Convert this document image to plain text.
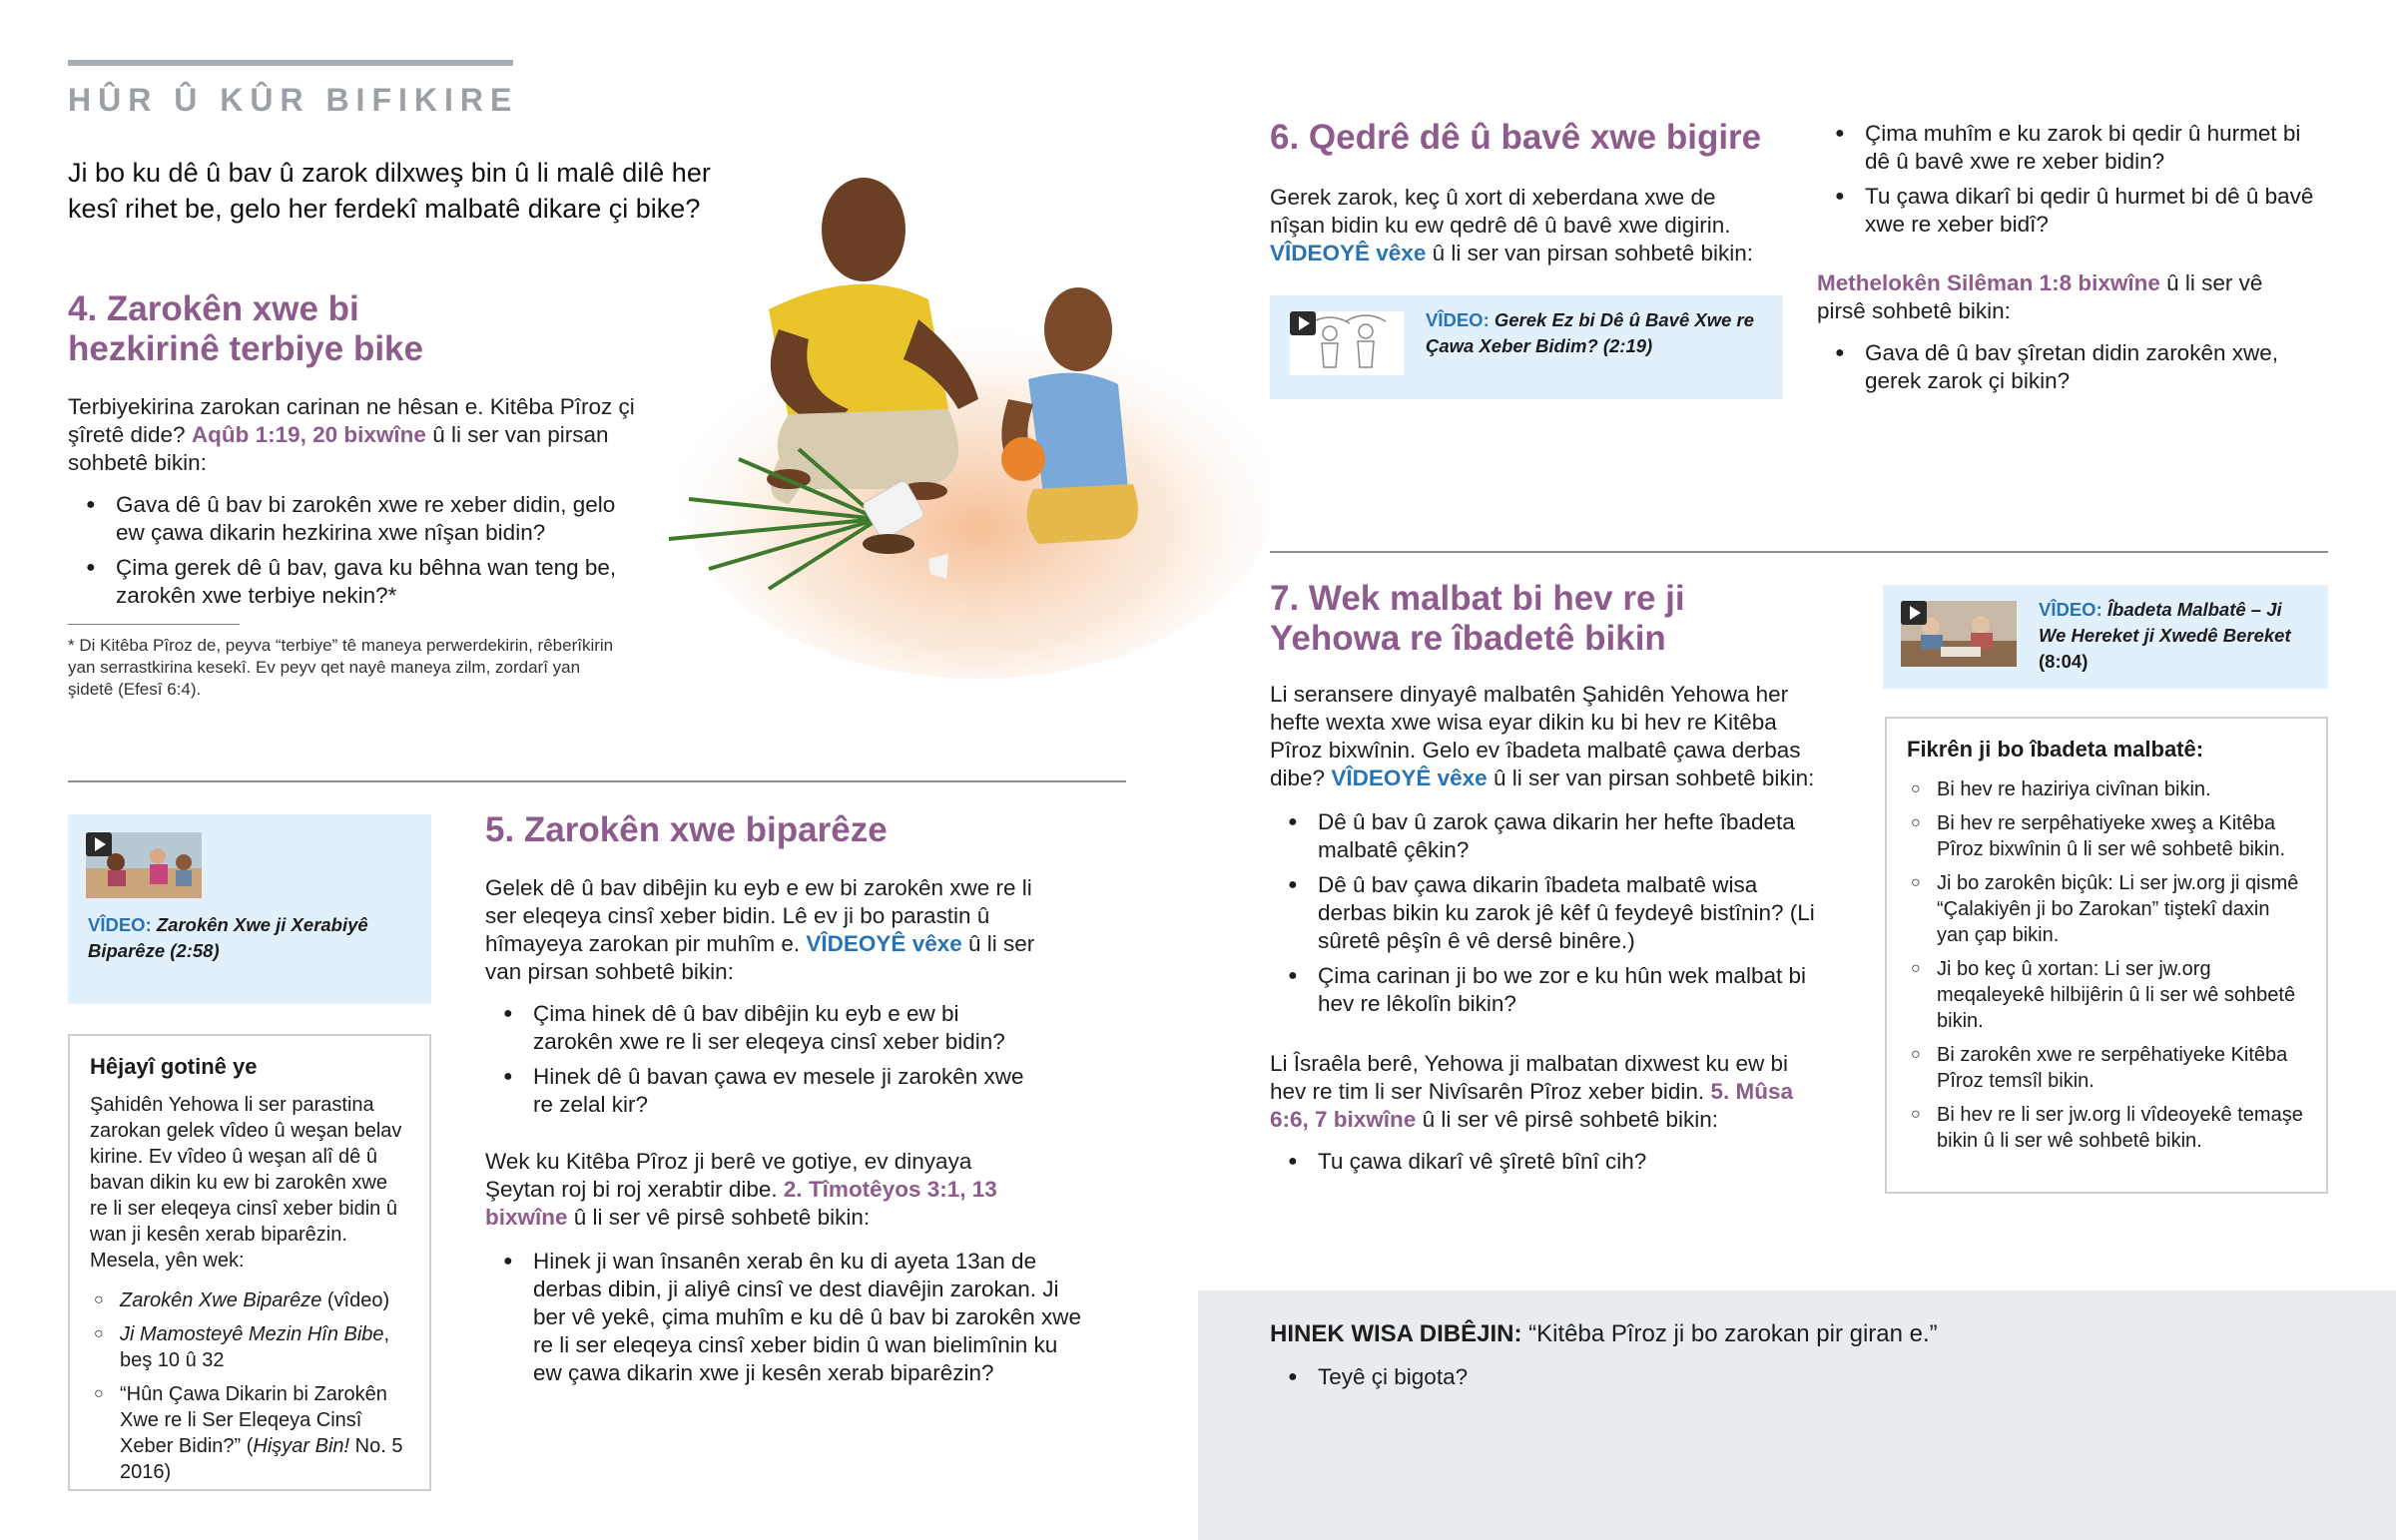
HÛR Û KÛR BIFIKIRE
Ji bo ku dê û bav û zarok dilxweş bin û li malê dilê her kesî rihet be, gelo her ferdekî malbatê dikare çi bike?
4. Zarokên xwe bi hezkirinê terbiye bike
Terbiyekirina zarokan carinan ne hêsan e. Kitêba Pîroz çi şîretê dide? Aqûb 1:19, 20 bixwîne û li ser van pirsan sohbetê bikin:
● Gava dê û bav bi zarokên xwe re xeber didin, gelo ew çawa dikarin hezkirina xwe nîşan bidin?
● Çima gerek dê û bav, gava ku bêhna wan teng be, zarokên xwe terbiye nekin?*
* Di Kitêba Pîroz de, peyva “terbiye” tê maneya perwerdekirin, rêberîkirin yan serrastkirina kesekî. Ev peyv qet nayê maneya zilm, zordarî yan şidetê (Efesî 6:4).
VÎDEO: Zarokên Xwe ji Xerabiyê Biparêze (2:58)
Hêjayî gotinê ye
Şahidên Yehowa li ser parastina zarokan gelek vîdeo û weşan belav kirine. Ev vîdeo û weşan alî dê û bavan dikin ku ew bi zarokên xwe re li ser eleqeya cinsî xeber bidin û wan ji kesên xerab biparêzin. Mesela, yên wek:
○ Zarokên Xwe Biparêze (vîdeo)
○ Ji Mamosteyê Mezin Hîn Bibe, beş 10 û 32
○ “Hûn Çawa Dikarin bi Zarokên Xwe re li Ser Eleqeya Cinsî Xeber Bidin?” (Hişyar Bin! No. 5 2016)
5. Zarokên xwe biparêze
Gelek dê û bav dibêjin ku eyb e ew bi zarokên xwe re li ser eleqeya cinsî xeber bidin. Lê ev ji bo parastin û hîmayeya zarokan pir muhîm e. VÎDEOYÊ vêxe û li ser van pirsan sohbetê bikin:
● Çima hinek dê û bav dibêjin ku eyb e ew bi zarokên xwe re li ser eleqeya cinsî xeber bidin?
● Hinek dê û bavan çawa ev mesele ji zarokên xwe re zelal kir?
Wek ku Kitêba Pîroz ji berê ve gotiye, ev dinyaya Şeytan roj bi roj xerabtir dibe. 2. Tîmotêyos 3:1, 13 bixwîne û li ser vê pirsê sohbetê bikin:
● Hinek ji wan însanên xerab ên ku di ayeta 13an de derbas dibin, ji aliyê cinsî ve dest diavêjin zarokan. Ji ber vê yekê, çima muhîm e ku dê û bav bi zarokên xwe re li ser eleqeya cinsî xeber bidin û wan bielimînin ku ew çawa dikarin xwe ji kesên xerab biparêzin?
6. Qedrê dê û bavê xwe bigire
Gerek zarok, keç û xort di xeberdana xwe de nîşan bidin ku ew qedrê dê û bavê xwe digirin. VÎDEOYÊ vêxe û li ser van pirsan sohbetê bikin:
VÎDEO: Gerek Ez bi Dê û Bavê Xwe re Çawa Xeber Bidim? (2:19)
● Çima muhîm e ku zarok bi qedir û hurmet bi dê û bavê xwe re xeber bidin?
● Tu çawa dikarî bi qedir û hurmet bi dê û bavê xwe re xeber bidî?
Methelokên Silêman 1:8 bixwîne û li ser vê pirsê sohbetê bikin:
● Gava dê û bav şîretan didin zarokên xwe, gerek zarok çi bikin?
7. Wek malbat bi hev re ji Yehowa re îbadetê bikin
VÎDEO: Îbadeta Malbatê – Ji We Hereket ji Xwedê Bereket (8:04)
Li seransere dinyayê malbatên Şahidên Yehowa her hefte wexta xwe wisa eyar dikin ku bi hev re Kitêba Pîroz bixwînin. Gelo ev îbadeta malbatê çawa derbas dibe? VÎDEOYÊ vêxe û li ser van pirsan sohbetê bikin:
● Dê û bav û zarok çawa dikarin her hefte îbadeta malbatê çêkin?
● Dê û bav çawa dikarin îbadeta malbatê wisa derbas bikin ku zarok jê kêf û feydeyê bistînin? (Li sûretê pêşîn ê vê dersê binêre.)
● Çima carinan ji bo we zor e ku hûn wek malbat bi hev re lêkolîn bikin?
Li Îsraêla berê, Yehowa ji malbatan dixwest ku ew bi hev re tim li ser Nivîsarên Pîroz xeber bidin. 5. Mûsa 6:6, 7 bixwîne û li ser vê pirsê sohbetê bikin:
● Tu çawa dikarî vê şîretê bînî cih?
Fikrên ji bo îbadeta malbatê:
○ Bi hev re haziriya civînan bikin.
○ Bi hev re serpêhatiyeke xweş a Kitêba Pîroz bixwînin û li ser wê sohbetê bikin.
○ Ji bo zarokên biçûk: Li ser jw.org ji qismê “Çalakiyên ji bo Zarokan” tiştekî daxin yan çap bikin.
○ Ji bo keç û xortan: Li ser jw.org meqaleyekê hilbijêrin û li ser wê sohbetê bikin.
○ Bi zarokên xwe re serpêhatiyeke Kitêba Pîroz temsîl bikin.
○ Bi hev re li ser jw.org li vîdeoyekê temaşe bikin û li ser wê sohbetê bikin.
HINEK WISA DIBÊJIN: “Kitêba Pîroz ji bo zarokan pir giran e.”
● Teyê çi bigota?
